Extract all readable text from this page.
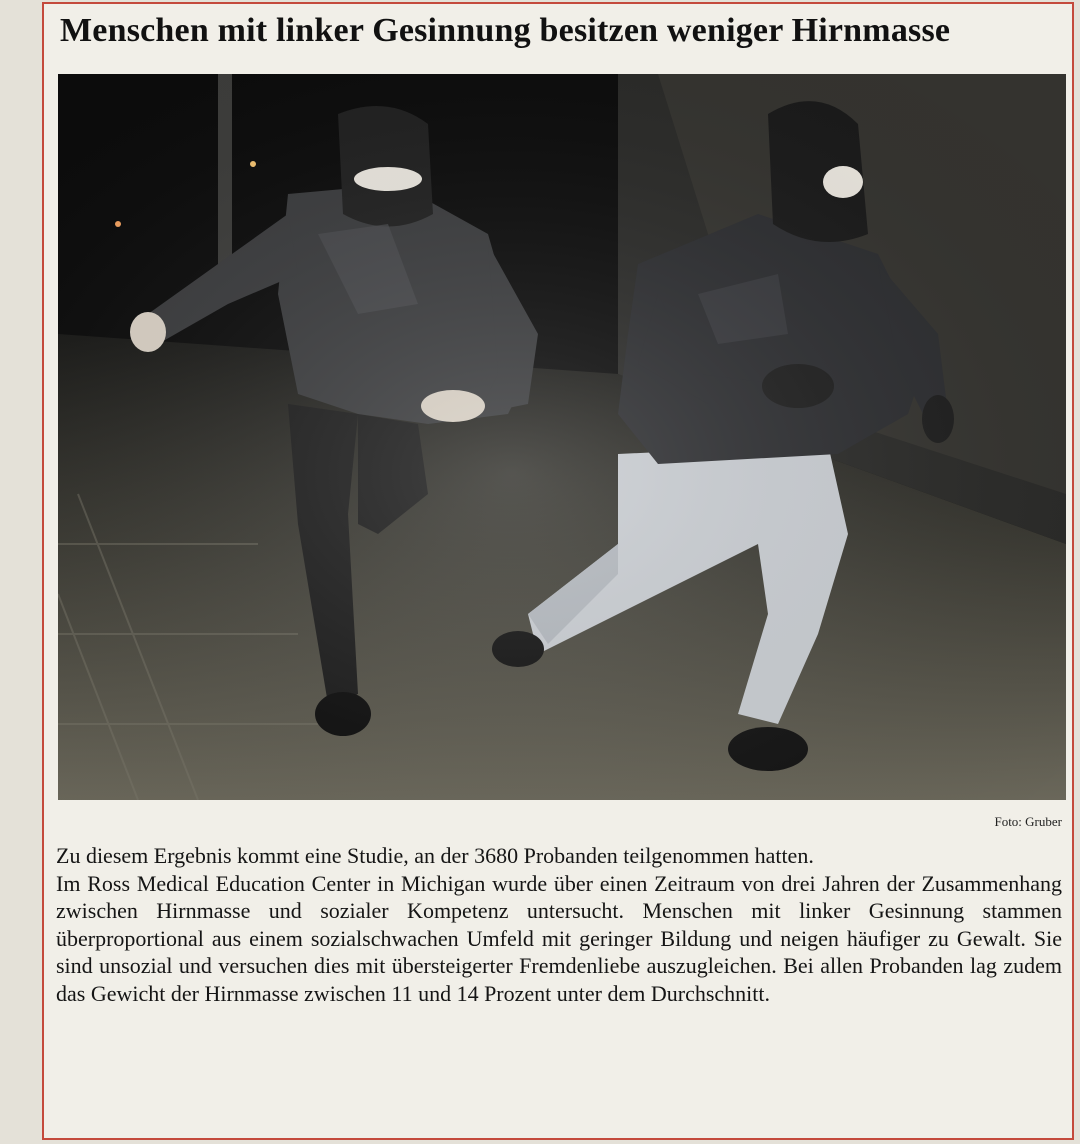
Menschen mit linker Gesinnung besitzen weniger Hirnmasse
Foto: Gruber

Zu diesem Ergebnis kommt eine Studie, an der 3680 Probanden teilgenommen hatten.

Im Ross Medical Education Center in Michigan wurde über einen Zeitraum von drei Jahren der Zusammenhang zwischen Hirnmasse und sozialer Kompetenz untersucht. Menschen mit linker Gesinnung stammen überproportional aus einem sozialschwachen Umfeld mit geringer Bildung und neigen häufiger zu Gewalt. Sie sind unsozial und versuchen dies mit übersteigerter Fremdenliebe auszugleichen. Bei allen Probanden lag zudem das Gewicht der Hirnmasse zwischen 11 und 14 Prozent unter dem Durchschnitt.
